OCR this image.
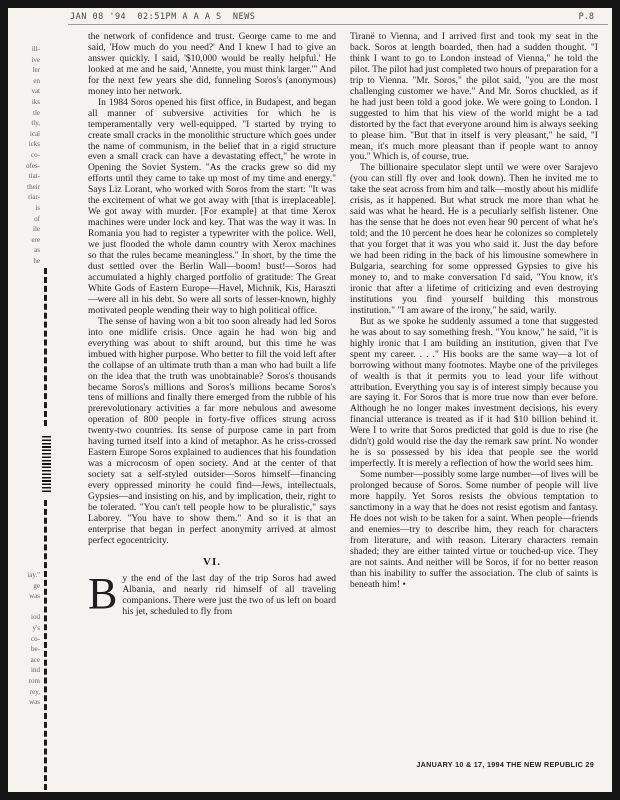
JAN 08 '94  02:51PM A A A S  NEWS	P.8
ill-
ive
ler
en
vat
iks
tle
tly,
ical
icks
co-
ofes-
tiat-
their
riar-
is
of
ile
ere
as
he
iay."
ge
was
iod
y's
co-
be-
ace
ind
rom
rey,
was

the network of confidence and trust. George came to me and said, 'How much do you need?' And I knew I had to give an answer quickly. I said, '$10,000 would be really helpful.' He looked at me and he said, 'Annette, you must think larger.'" And for the next few years she did, funneling Soros's (anonymous) money into her network.

In 1984 Soros opened his first office, in Budapest, and began all manner of subversive activities for which he is temperamentally very well-equipped. "I started by trying to create small cracks in the monolithic structure which goes under the name of communism, in the belief that in a rigid structure even a small crack can have a devastating effect," he wrote in Opening the Soviet System. "As the cracks grew so did my efforts until they came to take up most of my time and energy." Says Liz Lorant, who worked with Soros from the start: "It was the excitement of what we got away with [that is irreplaceable]. We got away with murder. [For example] at that time Xerox machines were under lock and key. That was the way it was. In Romania you had to register a typewriter with the police. Well, we just flooded the whole damn country with Xerox machines so that the rules became meaningless." In short, by the time the dust settled over the Berlin Wall—boom! bust!—Soros had accumulated a highly charged portfolio of gratitude: The Great White Gods of Eastern Europe—Havel, Michnik, Kis, Haraszti—were all in his debt. So were all sorts of lesser-known, highly motivated people wending their way to high political office.

The sense of having won a bit too soon already had led Soros into one midlife crisis. Once again he had won big and everything was about to shift around, but this time he was imbued with higher purpose. Who better to fill the void left after the collapse of an ultimate truth than a man who had built a life on the idea that the truth was unobtainable? Soros's thousands became Soros's millions and Soros's millions became Soros's tens of millions and finally there emerged from the rubble of his prerevolutionary activities a far more nebulous and awesome operation of 800 people in forty-five offices strung across twenty-two countries. Its sense of purpose came in part from having turned itself into a kind of metaphor. As he criss-crossed Eastern Europe Soros explained to audiences that his foundation was a microcosm of open society. And at the center of that society sat a self-styled outsider—Soros himself—financing every oppressed minority he could find—Jews, intellectuals, Gypsies—and insisting on his, and by implication, their, right to be tolerated. "You can't tell people how to be pluralistic," says Laborey. "You have to show them." And so it is that an enterprise that began in perfect anonymity arrived at almost perfect egocentricity.

VI.

By the end of the last day of the trip Soros had awed Albania, and nearly rid himself of all traveling companions. There were just the two of us left on board his jet, scheduled to fly from

Tiranë to Vienna, and I arrived first and took my seat in the back. Soros at length boarded, then had a sudden thought. "I think I want to go to London instead of Vienna," he told the pilot. The pilot had just completed two hours of preparation for a trip to Vienna. "Mr. Soros," the pilot said, "you are the most challenging customer we have." And Mr. Soros chuckled, as if he had just been told a good joke. We were going to London. I suggested to him that his view of the world might be a tad distorted by the fact that everyone around him is always seeking to please him. "But that in itself is very pleasant," he said, "I mean, it's much more pleasant than if people want to annoy you." Which is, of course, true.

The billionaire speculator slept until we were over Sarajevo (you can still fly over and look down). Then he invited me to take the seat across from him and talk—mostly about his midlife crisis, as it happened. But what struck me more than what he said was what he heard. He is a peculiarly selfish listener. One has the sense that he does not even hear 90 percent of what he's told; and the 10 percent he does hear he colonizes so completely that you forget that it was you who said it. Just the day before we had been riding in the back of his limousine somewhere in Bulgaria, searching for some oppressed Gypsies to give his money to, and to make conversation I'd said, "You know, it's ironic that after a lifetime of criticizing and even destroying institutions you find yourself building this monstrous institution." "I am aware of the irony," he said, warily.

But as we spoke he suddenly assumed a tone that suggested he was about to say something fresh. "You know," he said, "it is highly ironic that I am building an institution, given that I've spent my career. . . ." His books are the same way—a lot of borrowing without many footnotes. Maybe one of the privileges of wealth is that it permits you to lead your life without attribution. Everything you say is of interest simply because you are saying it. For Soros that is more true now than ever before. Although he no longer makes investment decisions, his every financial utterance is treated as if it had $10 billion behind it. Were I to write that Soros predicted that gold is due to rise (he didn't) gold would rise the day the remark saw print. No wonder he is so possessed by his idea that people see the world imperfectly. It is merely a reflection of how the world sees him.

Some number—possibly some large number—of lives will be prolonged because of Soros. Some number of people will live more happily. Yet Soros resists the obvious temptation to sanctimony in a way that he does not resist egotism and fantasy. He does not wish to be taken for a saint. When people—friends and enemies—try to describe him, they reach for characters from literature, and with reason. Literary characters remain shaded; they are either tainted virtue or touched-up vice. They are not saints. And neither will be Soros, if for no better reason than his inability to suffer the association. The club of saints is beneath him! •

JANUARY 10 & 17, 1994 THE NEW REPUBLIC 29
